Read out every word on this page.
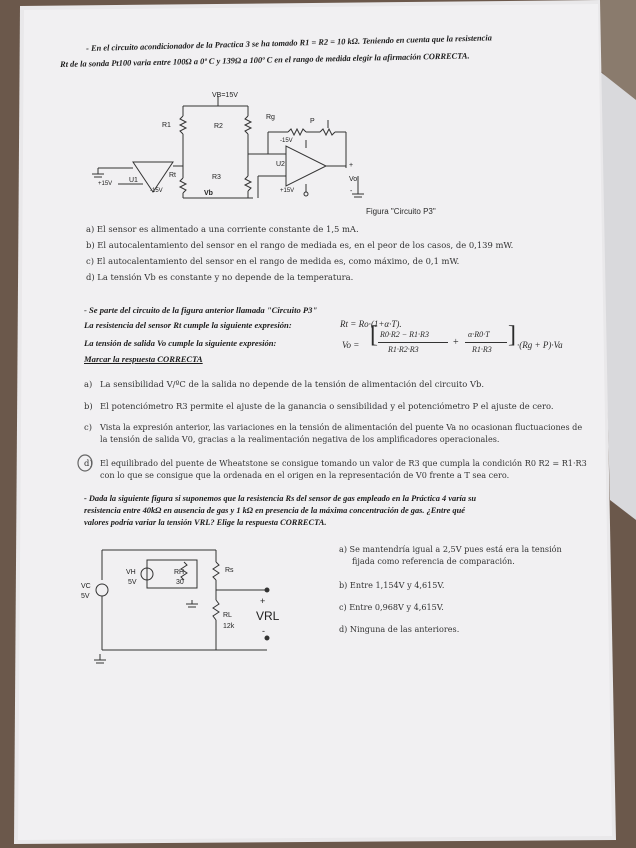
- En el circuito acondicionador de la Practica 3 se ha tomado R1 = R2 = 10 kΩ. Teniendo en cuenta que la resistencia
Rt de la sonda Pt100 varia entre 100Ω a 0º C y 139Ω a 100º C en el rango de medida elegir la afirmación CORRECTA.
VB=15V
R1	R2
Rg
P
Rt	R3
U1
U2
+15V
-15V
-15V
+15V
Vb
+
Vo
-
Figura "Circuito P3"
a) El sensor es alimentado a una corriente constante de 1,5 mA.
b) El autocalentamiento del sensor en el rango de mediada es, en el peor de los casos, de 0,139 mW.
c) El autocalentamiento del sensor en el rango de medida es, como máximo, de 0,1 mW.
d) La tensión Vb es constante y no depende de la temperatura.
- Se parte del circuito de la figura anterior llamada "Circuito P3"
La resistencia del sensor Rt cumple la siguiente expresión:	Rt = Ro·(1+α·T).
La tensión de salida Vo cumple la siguiente expresión:
Marcar la respuesta CORRECTA
Vo = [ R0·R2 − R1·R3
R1·R2·R3
+
α·R0·T
R1·R3
] ·(Rg + P)·Va
a) La sensibilidad V/ºC de la salida no depende de la tensión de alimentación del circuito Vb.
b) El potenciómetro R3 permite el ajuste de la ganancia o sensibilidad y el potenciómetro P el ajuste de cero.
c) Vista la expresión anterior, las variaciones en la tensión de alimentación del puente Va no ocasionan fluctuaciones de
la tensión de salida V0, gracias a la realimentación negativa de los amplificadores operacionales.
d) El equilibrado del puente de Wheatstone se consigue tomando un valor de R3 que cumpla la condición R0 R2 = R1·R3
con lo que se consigue que la ordenada en el origen en la representación de V0 frente a T sea cero.
- Dada la siguiente figura si suponemos que la resistencia Rs del sensor de gas empleado en la Práctica 4 varía su
resistencia entre 40kΩ en ausencia de gas y 1 kΩ en presencia de la máxima concentración de gas. ¿Entre qué
valores podría variar la tensión VRL? Elige la respuesta CORRECTA.
VH
5V
RH
30
Rs
VC
5V
RL
12k
+
VRL
-
a) Se mantendría igual a 2,5V pues está era la tensión
fijada como referencia de comparación.
b) Entre 1,154V y 4,615V.
c) Entre 0,968V y 4,615V.
d) Ninguna de las anteriores.
